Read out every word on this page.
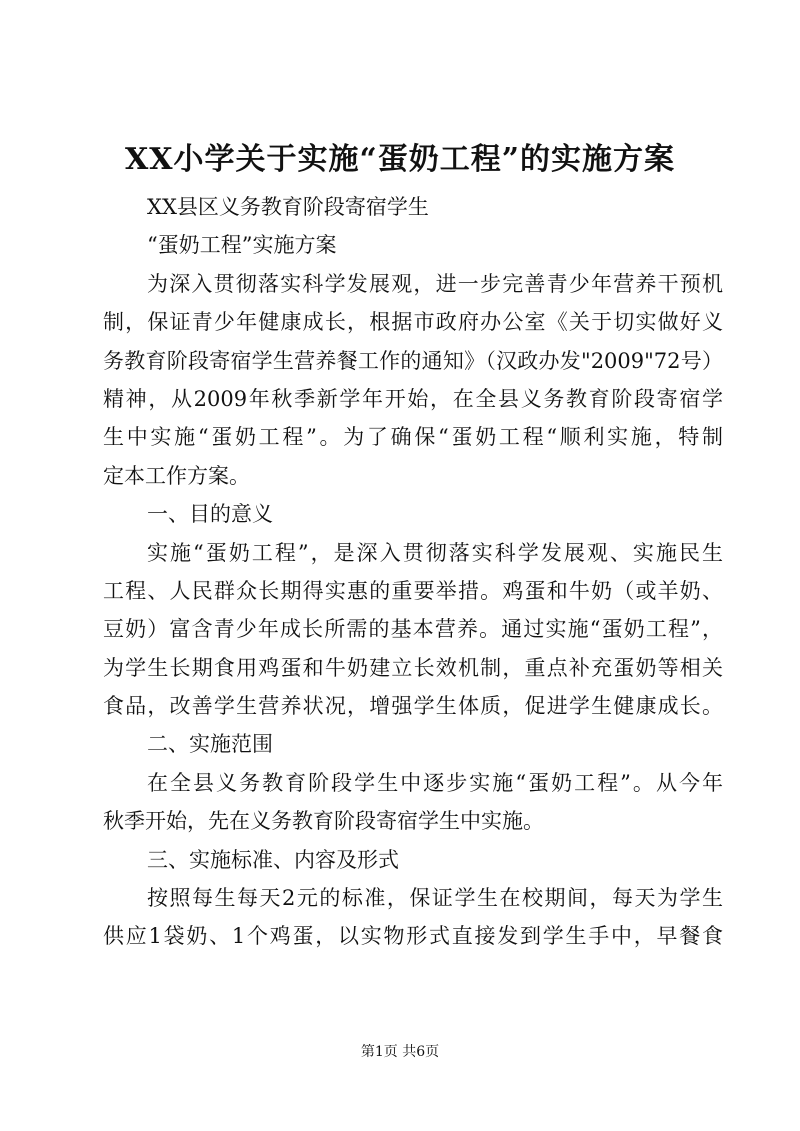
XX小学关于实施“蛋奶工程”的实施方案
XX县区义务教育阶段寄宿学生
“蛋奶工程”实施方案
为深入贯彻落实科学发展观，进一步完善青少年营养干预机
制，保证青少年健康成长，根据市政府办公室《关于切实做好义
务教育阶段寄宿学生营养餐工作的通知》（汉政办发"2009"72号）
精神，从2009年秋季新学年开始，在全县义务教育阶段寄宿学
生中实施“蛋奶工程”。为了确保“蛋奶工程“顺利实施，特制
定本工作方案。
一、目的意义
实施“蛋奶工程”，是深入贯彻落实科学发展观、实施民生
工程、人民群众长期得实惠的重要举措。鸡蛋和牛奶（或羊奶、
豆奶）富含青少年成长所需的基本营养。通过实施“蛋奶工程”，
为学生长期食用鸡蛋和牛奶建立长效机制，重点补充蛋奶等相关
食品，改善学生营养状况，增强学生体质，促进学生健康成长。
二、实施范围
在全县义务教育阶段学生中逐步实施“蛋奶工程”。从今年
秋季开始，先在义务教育阶段寄宿学生中实施。
三、实施标准、内容及形式
按照每生每天2元的标准，保证学生在校期间，每天为学生
供应1袋奶、1个鸡蛋，以实物形式直接发到学生手中，早餐食
第1页 共6页
